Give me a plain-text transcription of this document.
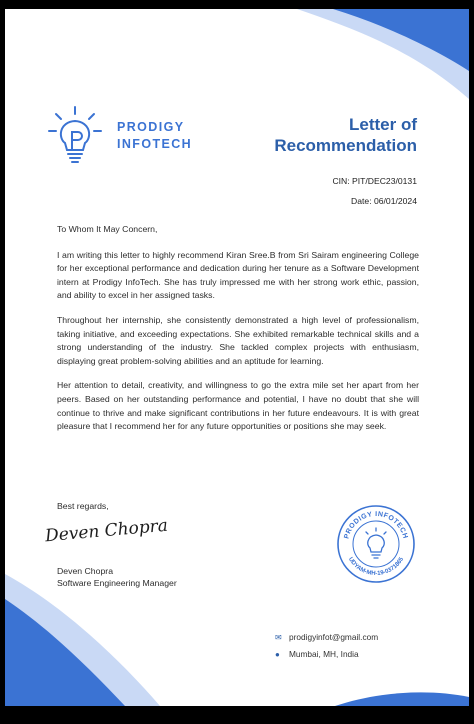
PRODIGY
INFOTECH
Letter of
Recommendation
CIN: PIT/DEC23/0131
Date: 06/01/2024

To Whom It May Concern,

I am writing this letter to highly recommend Kiran Sree.B from Sri Sairam engineering College for her exceptional performance and dedication during her tenure as a Software Development intern at Prodigy InfoTech. She has truly impressed me with her strong work ethic, passion, and ability to excel in her assigned tasks.

Throughout her internship, she consistently demonstrated a high level of professionalism, taking initiative, and exceeding expectations. She exhibited remarkable technical skills and a strong understanding of the industry. She tackled complex projects with enthusiasm, displaying great problem-solving abilities and an aptitude for learning.

Her attention to detail, creativity, and willingness to go the extra mile set her apart from her peers. Based on her outstanding performance and potential, I have no doubt that she will continue to thrive and make significant contributions in her future endeavours. It is with great pleasure that I recommend her for any future opportunities or positions she may seek.

Best regards,
Deven Chopra
Deven Chopra
Software Engineering Manager
PRODIGY INFOTECH
UDYAM-MH-19-0371865
✉ prodigyinfot@gmail.com
● Mumbai, MH, India
